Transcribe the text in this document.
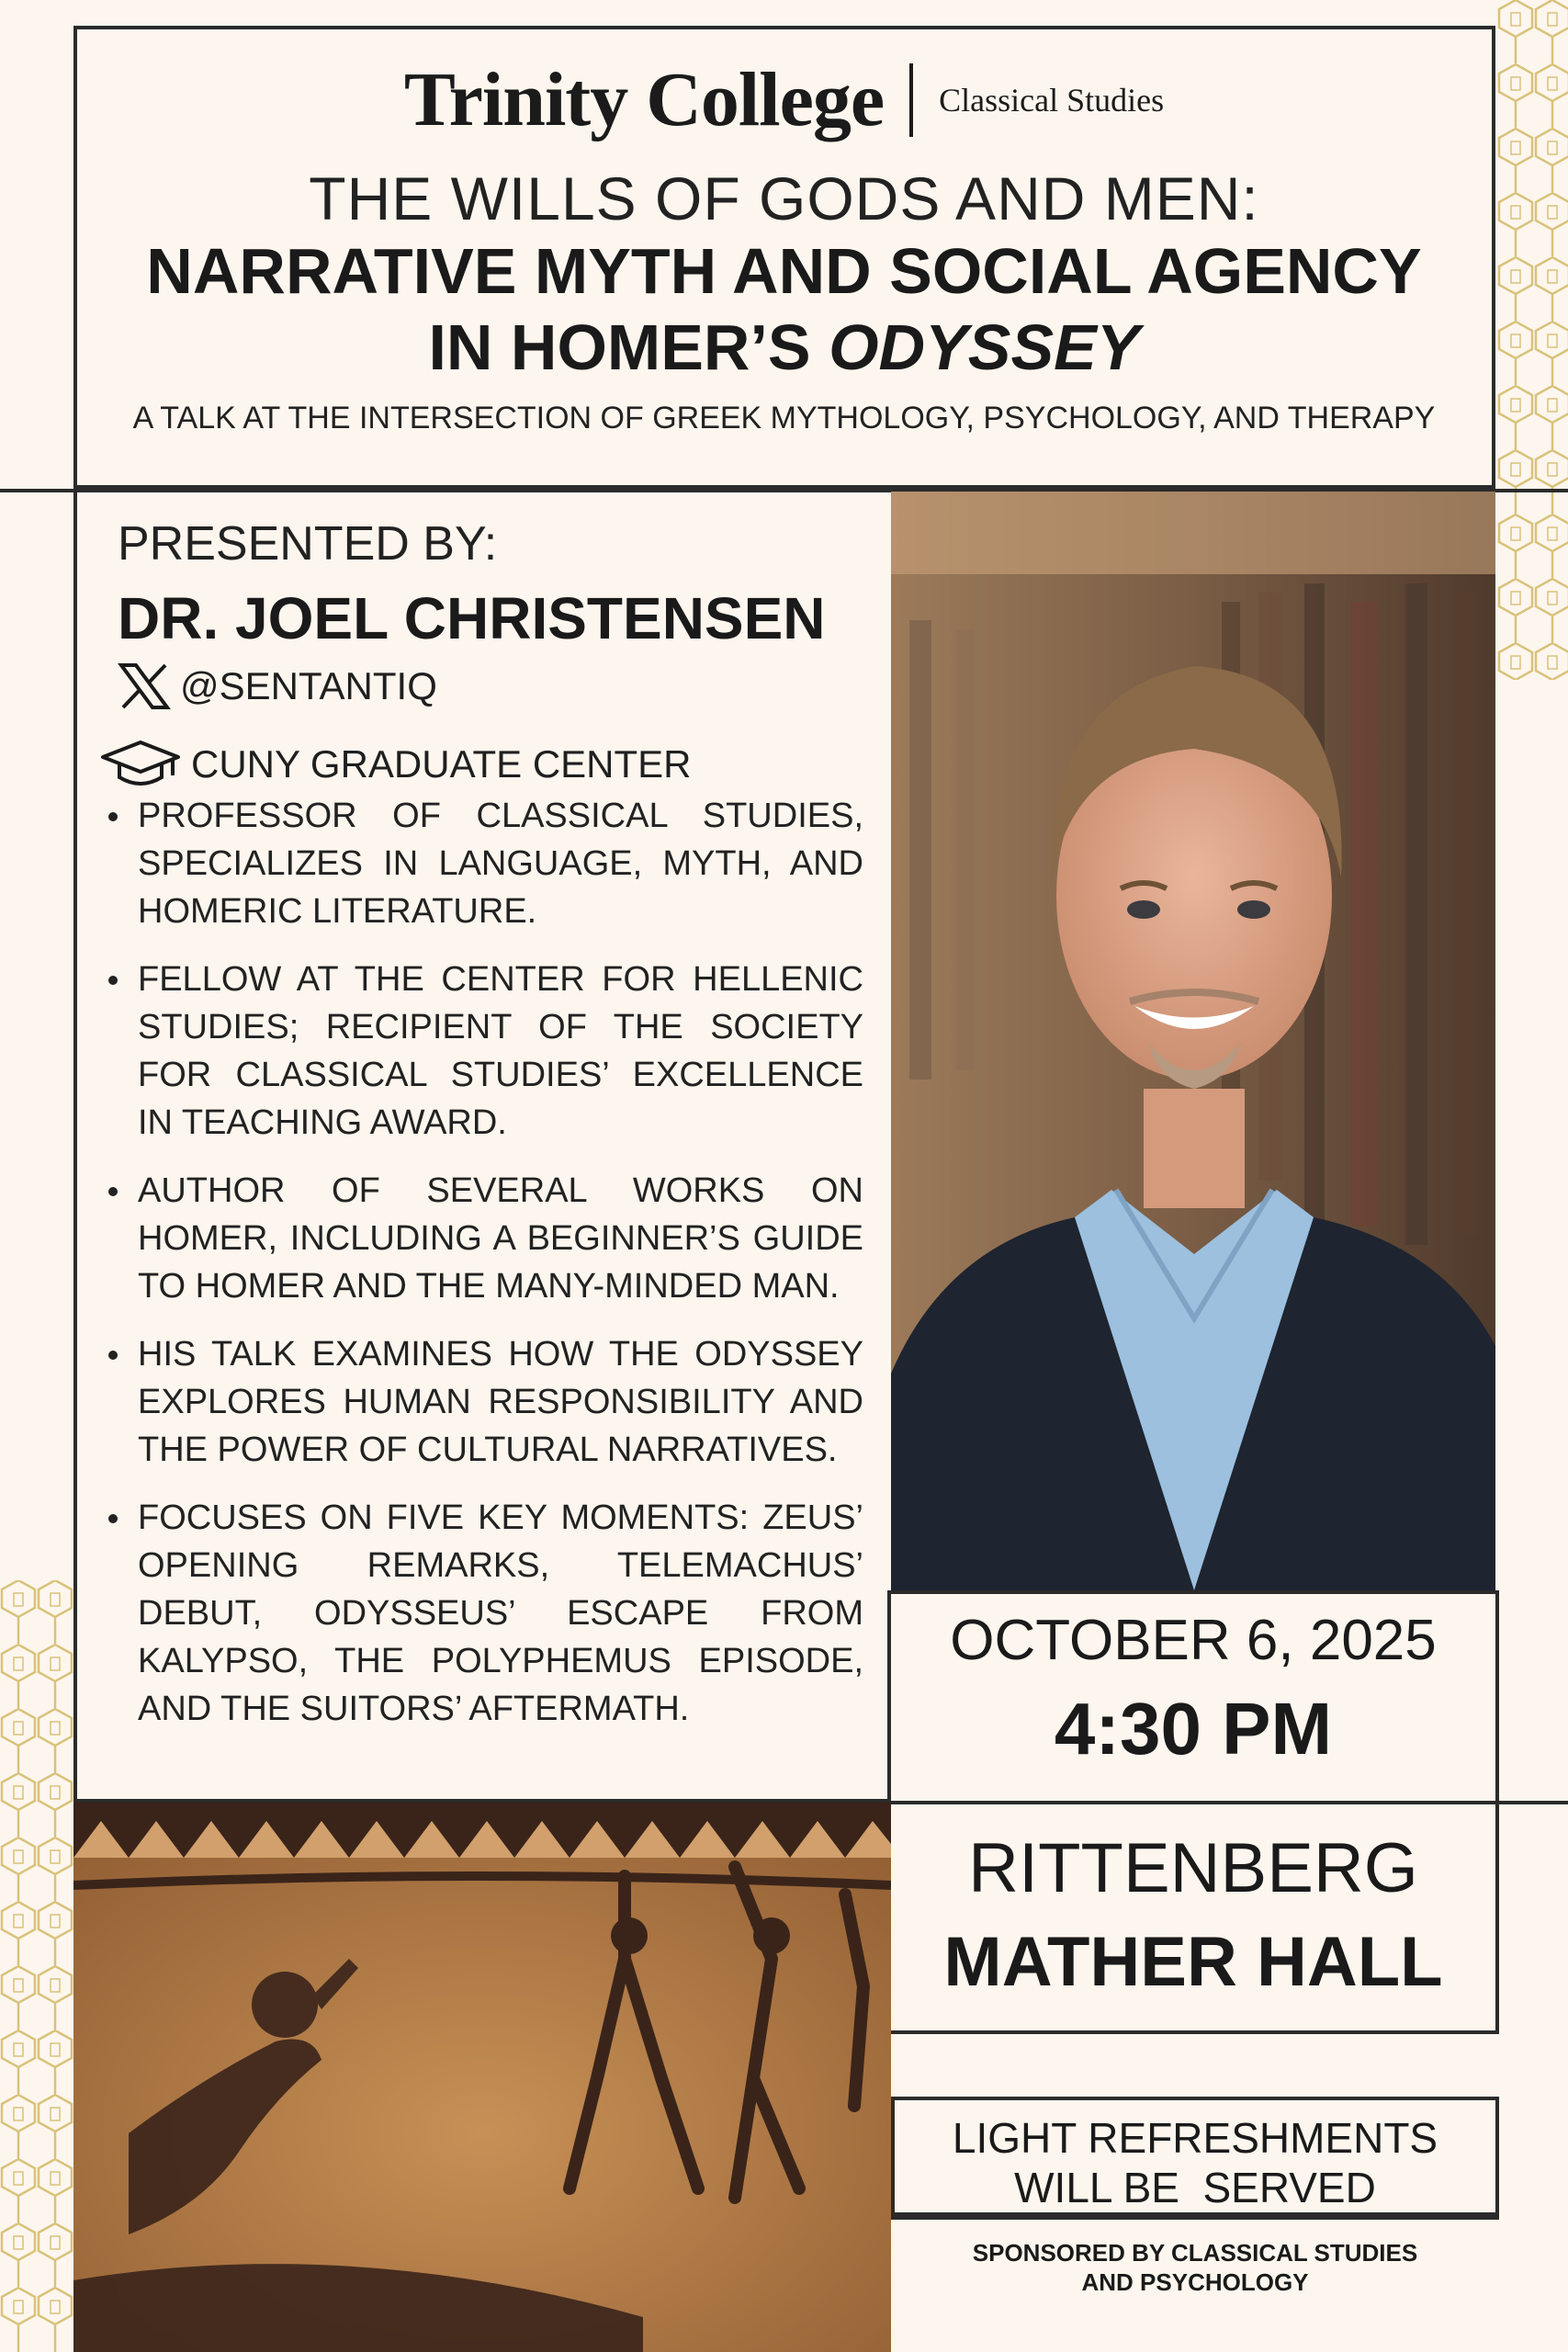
Trinity College Classical Studies
THE WILLS OF GODS AND MEN:
NARRATIVE MYTH AND SOCIAL AGENCY
IN HOMER’S ODYSSEY
A TALK AT THE INTERSECTION OF GREEK MYTHOLOGY, PSYCHOLOGY, AND THERAPY
PRESENTED BY:
DR. JOEL CHRISTENSEN
@SENTANTIQ
CUNY GRADUATE CENTER
PROFESSOR OF CLASSICAL STUDIES, SPECIALIZES IN LANGUAGE, MYTH, AND HOMERIC LITERATURE.
FELLOW AT THE CENTER FOR HELLENIC STUDIES; RECIPIENT OF THE SOCIETY FOR CLASSICAL STUDIES’ EXCELLENCE IN TEACHING AWARD.
AUTHOR OF SEVERAL WORKS ON HOMER, INCLUDING A BEGINNER’S GUIDE TO HOMER AND THE MANY-MINDED MAN.
HIS TALK EXAMINES HOW THE ODYSSEY EXPLORES HUMAN RESPONSIBILITY AND THE POWER OF CULTURAL NARRATIVES.
FOCUSES ON FIVE KEY MOMENTS: ZEUS’ OPENING REMARKS, TELEMACHUS’ DEBUT, ODYSSEUS’ ESCAPE FROM KALYPSO, THE POLYPHEMUS EPISODE, AND THE SUITORS’ AFTERMATH.
OCTOBER 6, 2025
4:30 PM
RITTENBERG
MATHER HALL
LIGHT REFRESHMENTS
WILL BE  SERVED
SPONSORED BY CLASSICAL STUDIES
AND PSYCHOLOGY
